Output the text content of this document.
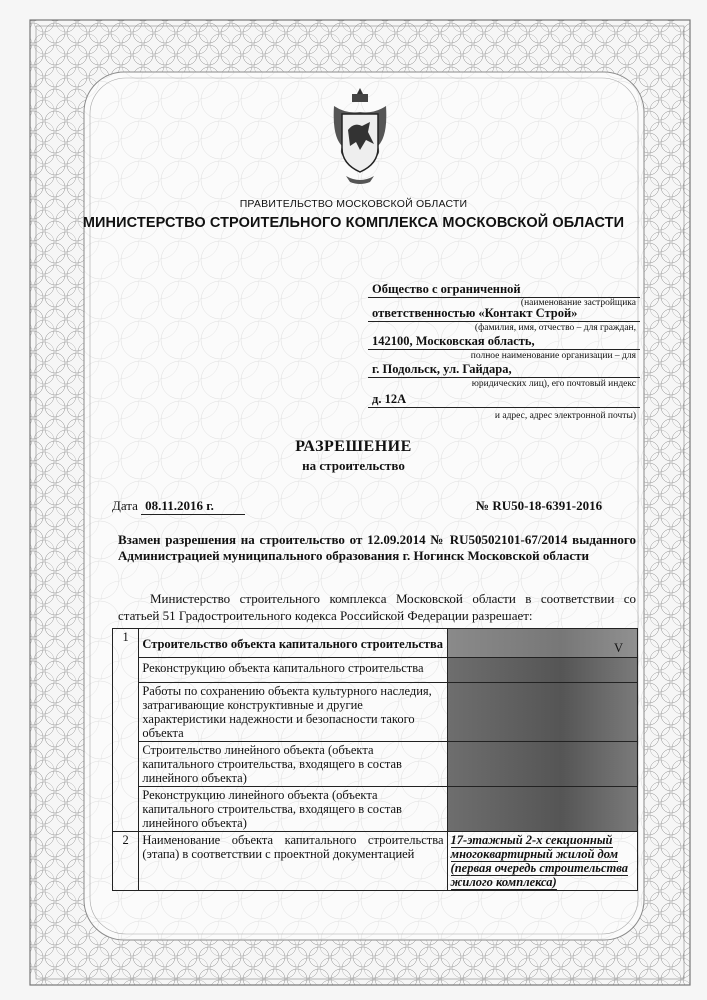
ПРАВИТЕЛЬСТВО МОСКОВСКОЙ ОБЛАСТИ
МИНИСТЕРСТВО СТРОИТЕЛЬНОГО КОМПЛЕКСА МОСКОВСКОЙ ОБЛАСТИ
Общество с ограниченной
(наименование застройщика
ответственностью «Контакт Строй»
(фамилия, имя, отчество – для граждан,
142100, Московская область,
полное наименование организации – для
г. Подольск, ул. Гайдара,
юридических лиц), его почтовый индекс
д. 12А
и адрес, адрес электронной почты)
РАЗРЕШЕНИЕ
на строительство
Дата 08.11.2016 г.	№ RU50-18-6391-2016
Взамен разрешения на строительство от 12.09.2014 № RU50502101-67/2014 выданного Администрацией муниципального образования г. Ногинск Московской области
Министерство строительного комплекса Московской области в соответствии со статьей 51 Градостроительного кодекса Российской Федерации разрешает:
1	Строительство объекта капитального строительства	V
	Реконструкцию объекта капитального строительства	
	Работы по сохранению объекта культурного наследия, затрагивающие конструктивные и другие характеристики надежности и безопасности такого объекта	
	Строительство линейного объекта (объекта капитального строительства, входящего в состав линейного объекта)	
	Реконструкцию линейного объекта (объекта капитального строительства, входящего в состав линейного объекта)	
2	Наименование объекта капитального строительства (этапа) в соответствии с проектной документацией	17-этажный 2-х секционный многоквартирный жилой дом (первая очередь строительства жилого комплекса)
